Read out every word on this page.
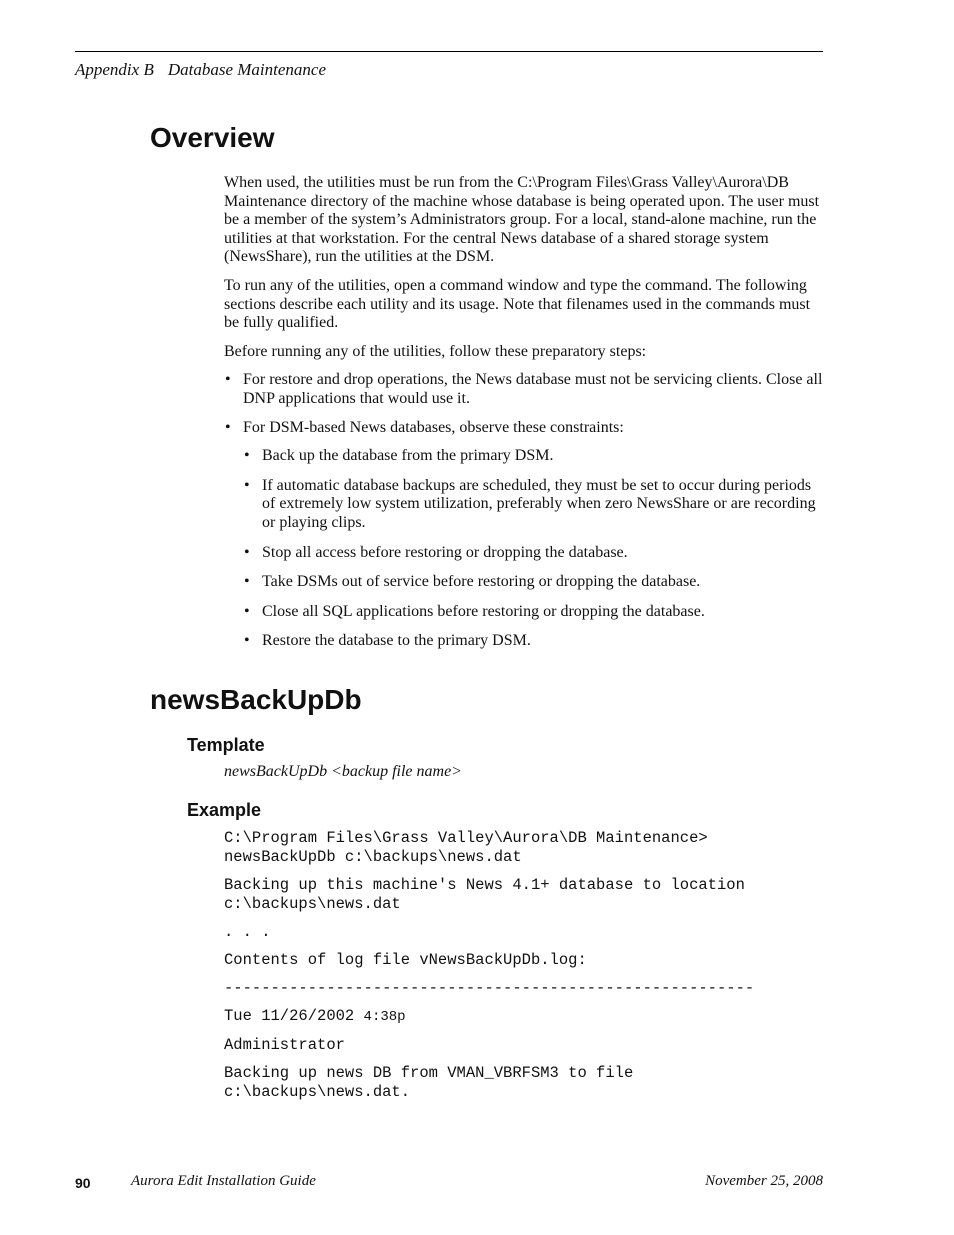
Appendix B Database Maintenance
Overview

When used, the utilities must be run from the C:\Program Files\Grass Valley\Aurora\DB Maintenance directory of the machine whose database is being operated upon. The user must be a member of the system’s Administrators group. For a local, stand-alone machine, run the utilities at that workstation. For the central News database of a shared storage system (NewsShare), run the utilities at the DSM.

To run any of the utilities, open a command window and type the command. The following sections describe each utility and its usage. Note that filenames used in the commands must be fully qualified.

Before running any of the utilities, follow these preparatory steps:

• For restore and drop operations, the News database must not be servicing clients. Close all DNP applications that would use it.
• For DSM-based News databases, observe these constraints:
• Back up the database from the primary DSM.
• If automatic database backups are scheduled, they must be set to occur during periods of extremely low system utilization, preferably when zero NewsShare or are recording or playing clips.
• Stop all access before restoring or dropping the database.
• Take DSMs out of service before restoring or dropping the database.
• Close all SQL applications before restoring or dropping the database.
• Restore the database to the primary DSM.
newsBackUpDb
Template
newsBackUpDb <backup file name>
Example

C:\Program Files\Grass Valley\Aurora\DB Maintenance>
newsBackUpDb c:\backups\news.dat

Backing up this machine's News 4.1+ database to location
c:\backups\news.dat

. . .

Contents of log file vNewsBackUpDb.log:

---------------------------------------------------------

Tue 11/26/2002 4:38p

Administrator

Backing up news DB from VMAN_VBRFSM3 to file
c:\backups\news.dat.

90	Aurora Edit Installation Guide	November 25, 2008
